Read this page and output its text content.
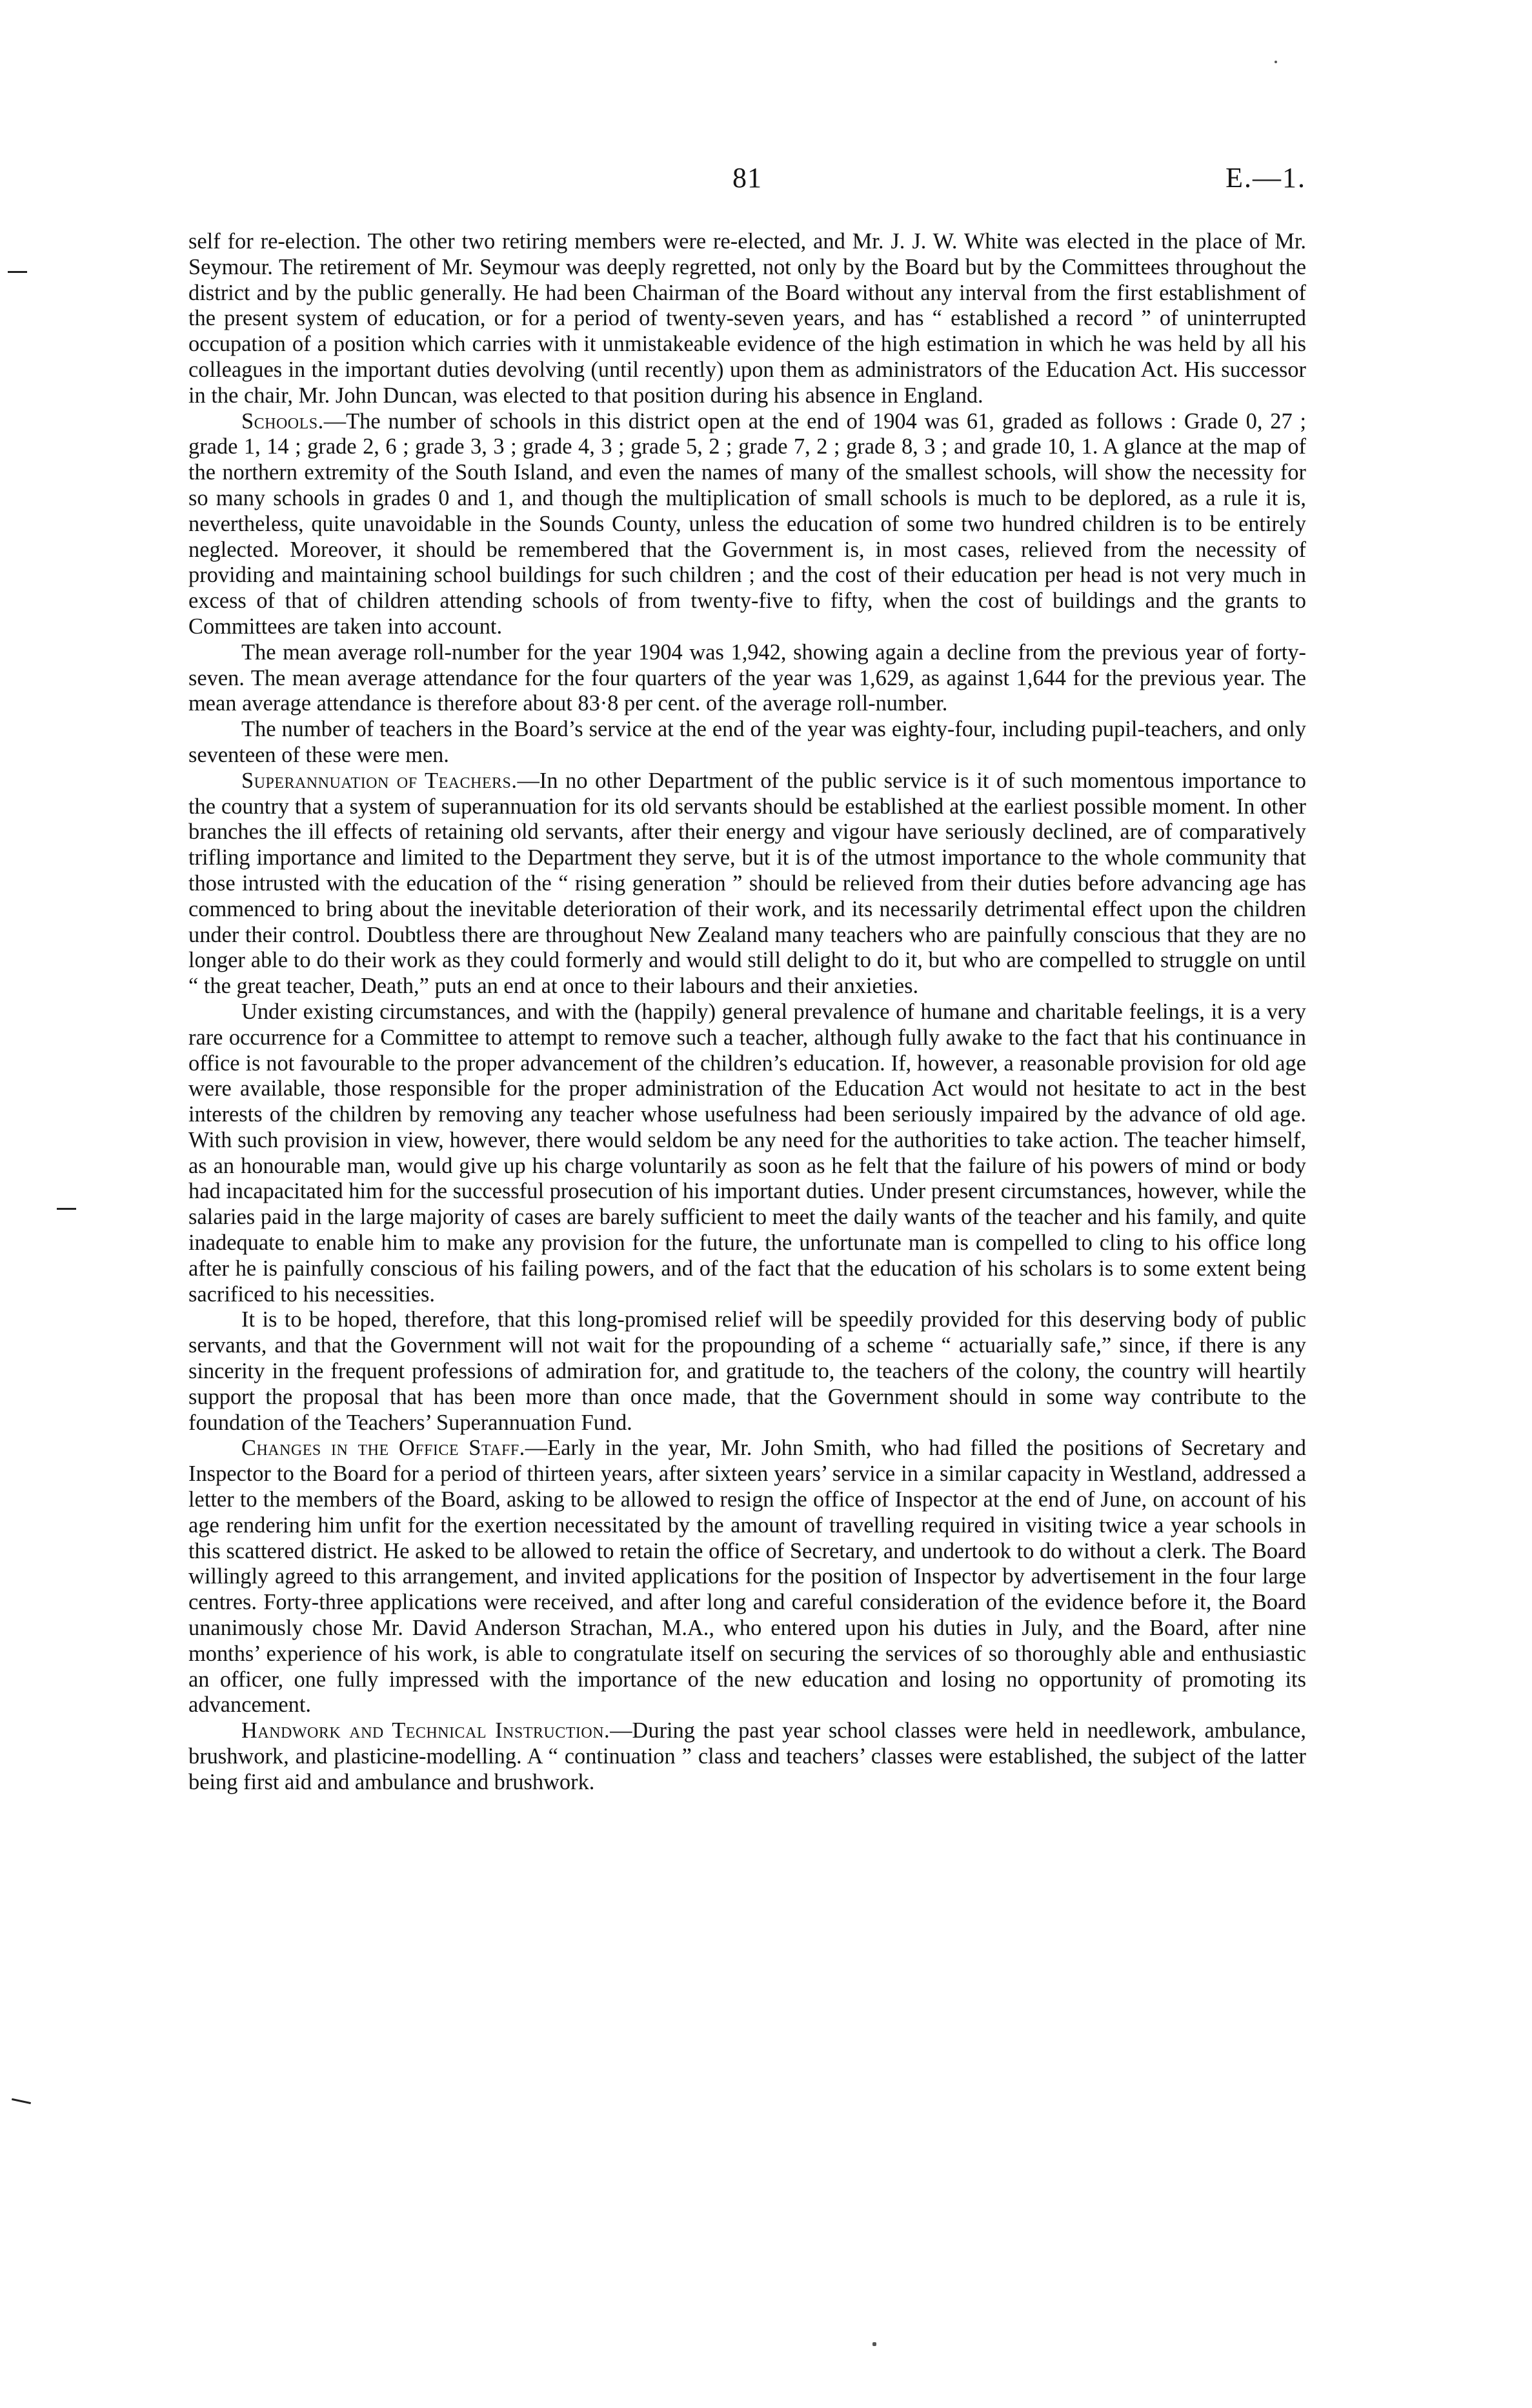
81	E.—1.

self for re-election. The other two retiring members were re-elected, and Mr. J. J. W. White was elected in the place of Mr. Seymour. The retirement of Mr. Seymour was deeply regretted, not only by the Board but by the Committees throughout the district and by the public generally. He had been Chairman of the Board without any interval from the first establishment of the present system of education, or for a period of twenty-seven years, and has “ established a record ” of uninterrupted occupation of a position which carries with it unmistakeable evidence of the high estimation in which he was held by all his colleagues in the important duties devolving (until recently) upon them as administrators of the Education Act. His successor in the chair, Mr. John Duncan, was elected to that position during his absence in England.

Schools.—The number of schools in this district open at the end of 1904 was 61, graded as follows : Grade 0, 27 ; grade 1, 14 ; grade 2, 6 ; grade 3, 3 ; grade 4, 3 ; grade 5, 2 ; grade 7, 2 ; grade 8, 3 ; and grade 10, 1. A glance at the map of the northern extremity of the South Island, and even the names of many of the smallest schools, will show the necessity for so many schools in grades 0 and 1, and though the multiplication of small schools is much to be deplored, as a rule it is, nevertheless, quite unavoidable in the Sounds County, unless the education of some two hundred children is to be entirely neglected. Moreover, it should be remembered that the Government is, in most cases, relieved from the necessity of providing and maintaining school buildings for such children ; and the cost of their education per head is not very much in excess of that of children attending schools of from twenty-five to fifty, when the cost of buildings and the grants to Committees are taken into account.

The mean average roll-number for the year 1904 was 1,942, showing again a decline from the previous year of forty-seven. The mean average attendance for the four quarters of the year was 1,629, as against 1,644 for the previous year. The mean average attendance is therefore about 83·8 per cent. of the average roll-number.

The number of teachers in the Board’s service at the end of the year was eighty-four, including pupil-teachers, and only seventeen of these were men.

Superannuation of Teachers.—In no other Department of the public service is it of such momentous importance to the country that a system of superannuation for its old servants should be established at the earliest possible moment. In other branches the ill effects of retaining old servants, after their energy and vigour have seriously declined, are of comparatively trifling importance and limited to the Department they serve, but it is of the utmost importance to the whole community that those intrusted with the education of the “ rising generation ” should be relieved from their duties before advancing age has commenced to bring about the inevitable deterioration of their work, and its necessarily detrimental effect upon the children under their control. Doubtless there are throughout New Zealand many teachers who are painfully conscious that they are no longer able to do their work as they could formerly and would still delight to do it, but who are compelled to struggle on until “ the great teacher, Death,” puts an end at once to their labours and their anxieties.

Under existing circumstances, and with the (happily) general prevalence of humane and charitable feelings, it is a very rare occurrence for a Committee to attempt to remove such a teacher, although fully awake to the fact that his continuance in office is not favourable to the proper advancement of the children’s education. If, however, a reasonable provision for old age were available, those responsible for the proper administration of the Education Act would not hesitate to act in the best interests of the children by removing any teacher whose usefulness had been seriously impaired by the advance of old age. With such provision in view, however, there would seldom be any need for the authorities to take action. The teacher himself, as an honourable man, would give up his charge voluntarily as soon as he felt that the failure of his powers of mind or body had incapacitated him for the successful prosecution of his important duties. Under present circumstances, however, while the salaries paid in the large majority of cases are barely sufficient to meet the daily wants of the teacher and his family, and quite inadequate to enable him to make any provision for the future, the unfortunate man is compelled to cling to his office long after he is painfully conscious of his failing powers, and of the fact that the education of his scholars is to some extent being sacrificed to his necessities.

It is to be hoped, therefore, that this long-promised relief will be speedily provided for this deserving body of public servants, and that the Government will not wait for the propounding of a scheme “ actuarially safe,” since, if there is any sincerity in the frequent professions of admiration for, and gratitude to, the teachers of the colony, the country will heartily support the proposal that has been more than once made, that the Government should in some way contribute to the foundation of the Teachers’ Superannuation Fund.

Changes in the Office Staff.—Early in the year, Mr. John Smith, who had filled the positions of Secretary and Inspector to the Board for a period of thirteen years, after sixteen years’ service in a similar capacity in Westland, addressed a letter to the members of the Board, asking to be allowed to resign the office of Inspector at the end of June, on account of his age rendering him unfit for the exertion necessitated by the amount of travelling required in visiting twice a year schools in this scattered district. He asked to be allowed to retain the office of Secretary, and undertook to do without a clerk. The Board willingly agreed to this arrangement, and invited applications for the position of Inspector by advertisement in the four large centres. Forty-three applications were received, and after long and careful consideration of the evidence before it, the Board unanimously chose Mr. David Anderson Strachan, M.A., who entered upon his duties in July, and the Board, after nine months’ experience of his work, is able to congratulate itself on securing the services of so thoroughly able and enthusiastic an officer, one fully impressed with the importance of the new education and losing no opportunity of promoting its advancement.

Handwork and Technical Instruction.—During the past year school classes were held in needlework, ambulance, brushwork, and plasticine-modelling. A “ continuation ” class and teachers’ classes were established, the subject of the latter being first aid and ambulance and brushwork.
